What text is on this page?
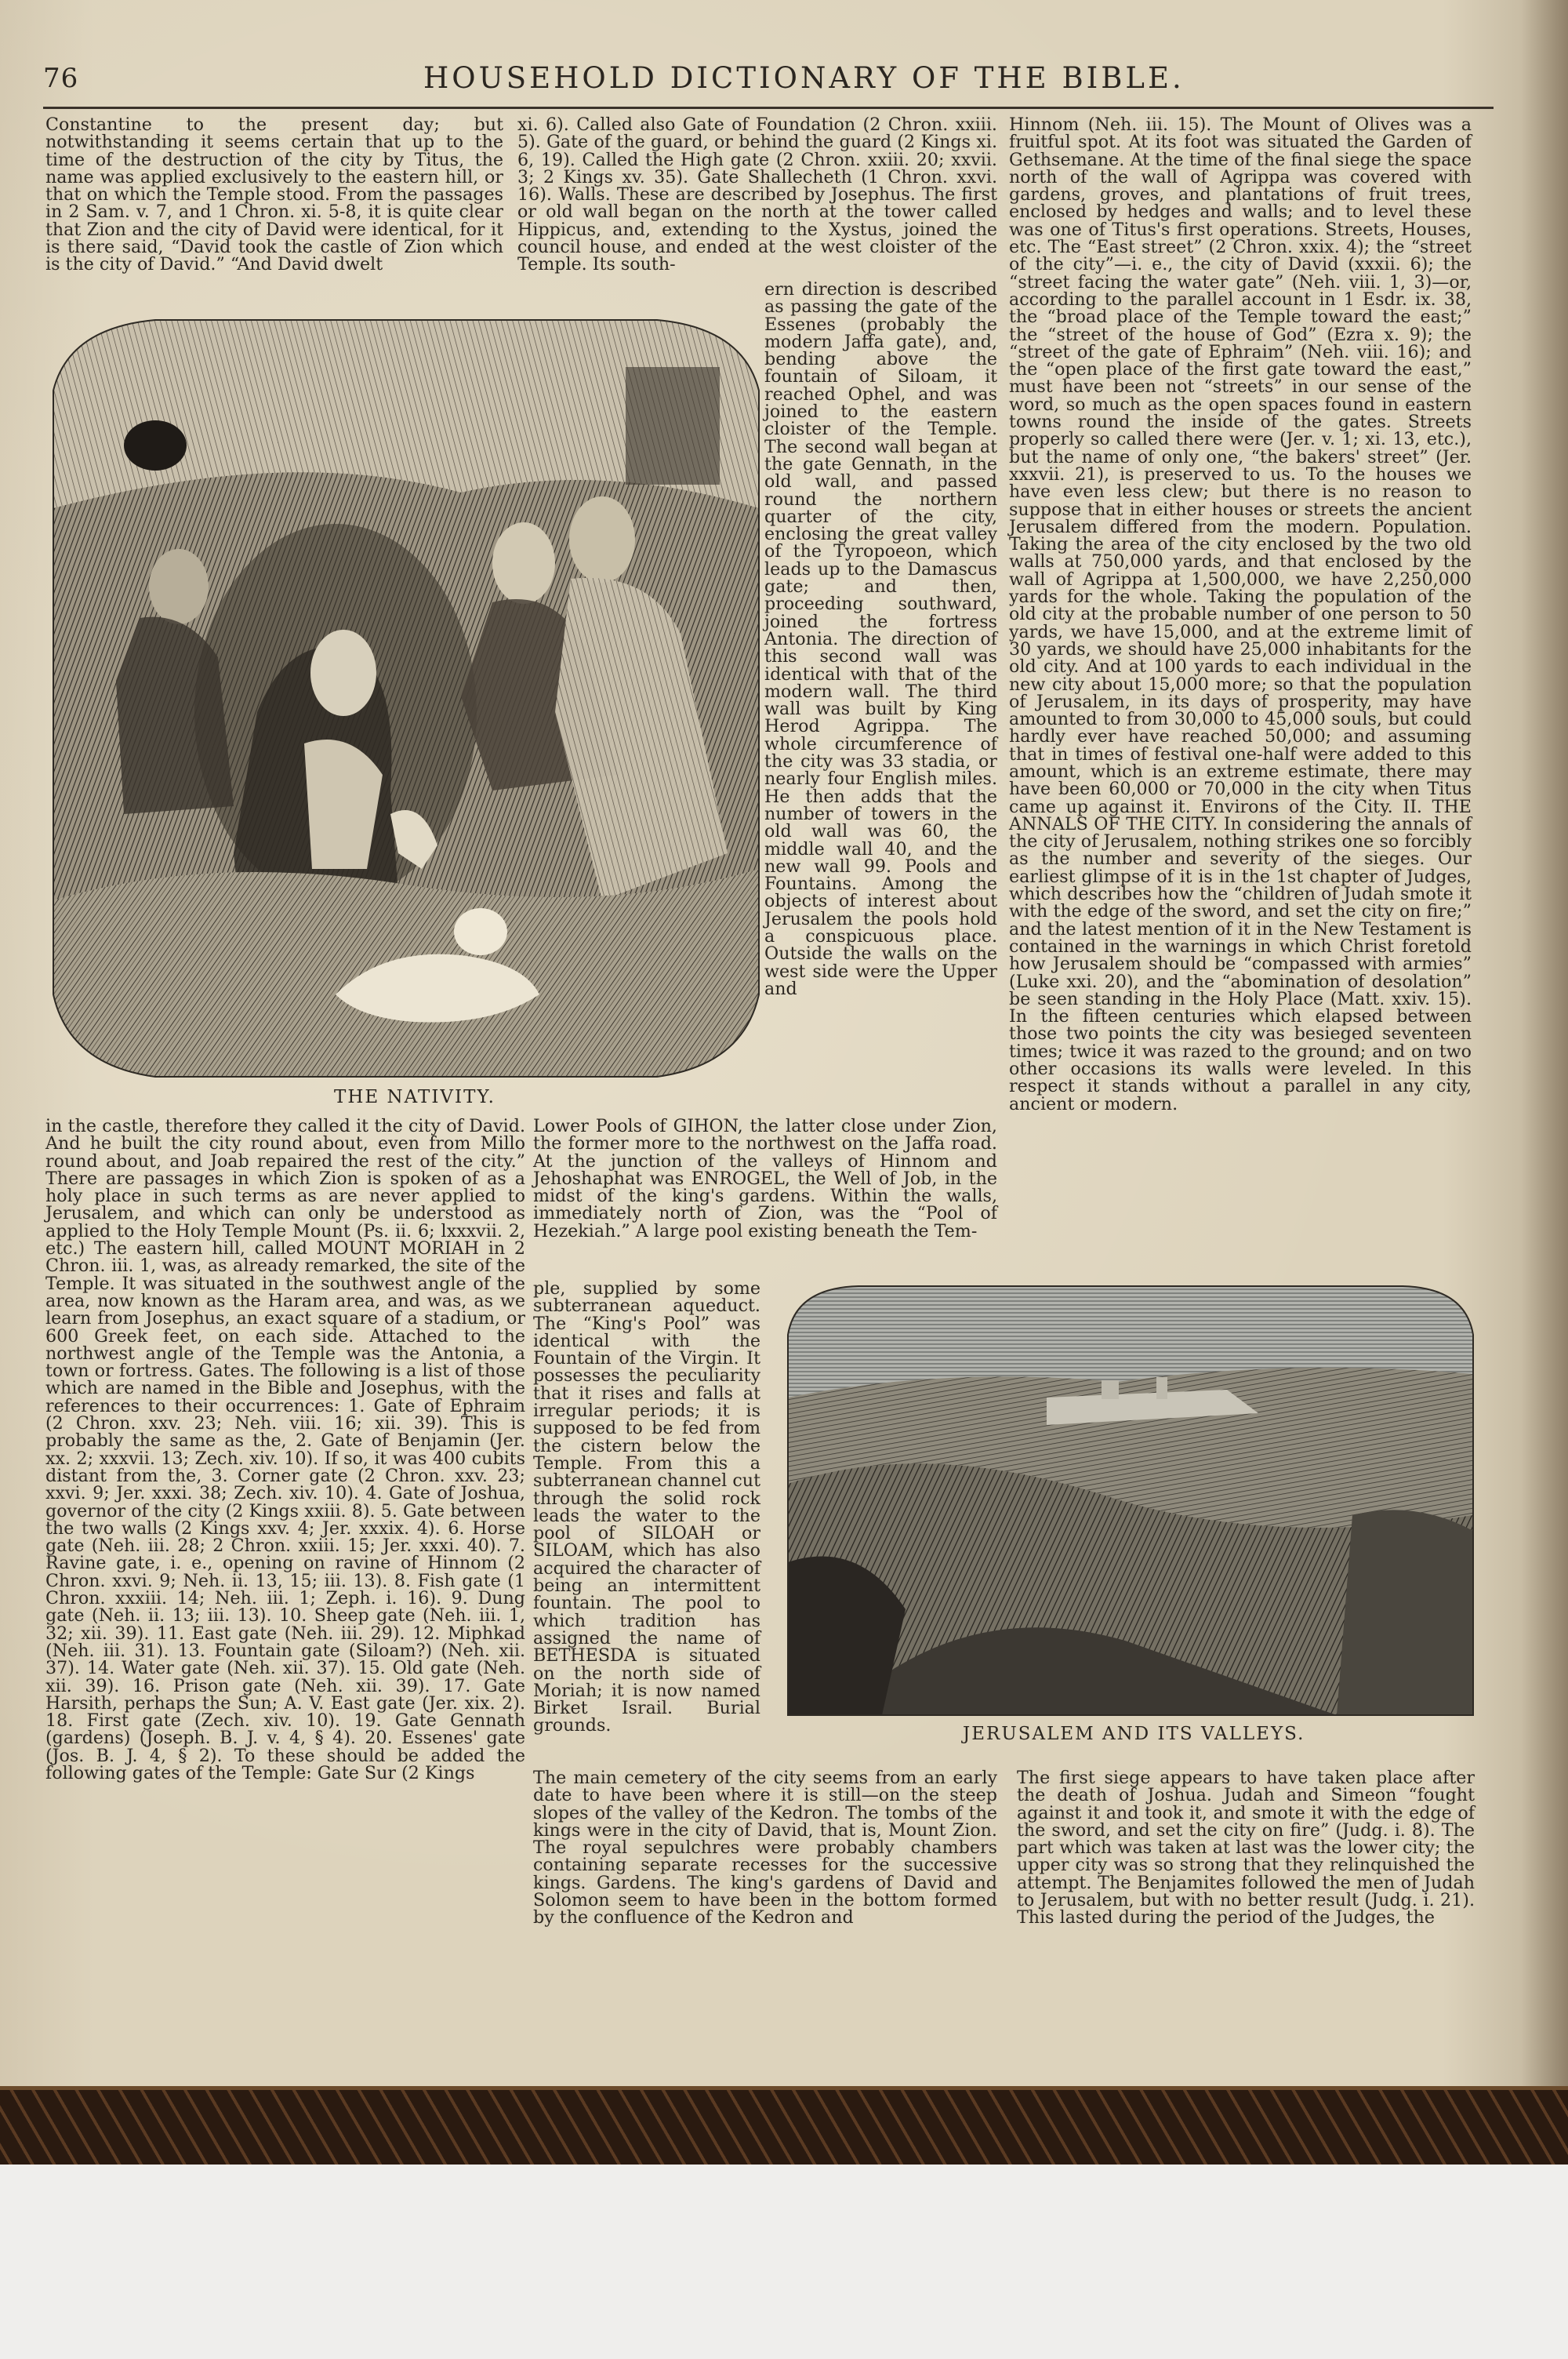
76	HOUSEHOLD DICTIONARY OF THE BIBLE.
Constantine to the present day; but notwithstanding it seems certain that up to the time of the destruction of the city by Titus, the name was applied exclusively to the eastern hill, or that on which the Temple stood. From the passages in 2 Sam. v. 7, and 1 Chron. xi. 5-8, it is quite clear that Zion and the city of David were identical, for it is there said, “David took the castle of Zion which is the city of David.” “And David dwelt
xi. 6). Called also Gate of Foundation (2 Chron. xxiii. 5). Gate of the guard, or behind the guard (2 Kings xi. 6, 19). Called the High gate (2 Chron. xxiii. 20; xxvii. 3; 2 Kings xv. 35). Gate Shallecheth (1 Chron. xxvi. 16). Walls. These are described by Josephus. The first or old wall began on the north at the tower called Hippicus, and, extending to the Xystus, joined the council house, and ended at the west cloister of the Temple. Its south-
ern direction is described as passing the gate of the Essenes (probably the modern Jaffa gate), and, bending above the fountain of Siloam, it reached Ophel, and was joined to the eastern cloister of the Temple. The second wall began at the gate Gennath, in the old wall, and passed round the northern quarter of the city, enclosing the great valley of the Tyropoeon, which leads up to the Damascus gate; and then, proceeding southward, joined the fortress Antonia. The direction of this second wall was identical with that of the modern wall. The third wall was built by King Herod Agrippa. The whole circumference of the city was 33 stadia, or nearly four English miles. He then adds that the number of towers in the old wall was 60, the middle wall 40, and the new wall 99. Pools and Fountains. Among the objects of interest about Jerusalem the pools hold a conspicuous place. Outside the walls on the west side were the Upper and
Hinnom (Neh. iii. 15). The Mount of Olives was a fruitful spot. At its foot was situated the Garden of Gethsemane. At the time of the final siege the space north of the wall of Agrippa was covered with gardens, groves, and plantations of fruit trees, enclosed by hedges and walls; and to level these was one of Titus's first operations. Streets, Houses, etc. The “East street” (2 Chron. xxix. 4); the “street of the city”—i. e., the city of David (xxxii. 6); the “street facing the water gate” (Neh. viii. 1, 3)—or, according to the parallel account in 1 Esdr. ix. 38, the “broad place of the Temple toward the east;” the “street of the house of God” (Ezra x. 9); the “street of the gate of Ephraim” (Neh. viii. 16); and the “open place of the first gate toward the east,” must have been not “streets” in our sense of the word, so much as the open spaces found in eastern towns round the inside of the gates. Streets properly so called there were (Jer. v. 1; xi. 13, etc.), but the name of only one, “the bakers' street” (Jer. xxxvii. 21), is preserved to us. To the houses we have even less clew; but there is no reason to suppose that in either houses or streets the ancient Jerusalem differed from the modern. Population. Taking the area of the city enclosed by the two old walls at 750,000 yards, and that enclosed by the wall of Agrippa at 1,500,000, we have 2,250,000 yards for the whole. Taking the population of the old city at the probable number of one person to 50 yards, we have 15,000, and at the extreme limit of 30 yards, we should have 25,000 inhabitants for the old city. And at 100 yards to each individual in the new city about 15,000 more; so that the population of Jerusalem, in its days of prosperity, may have amounted to from 30,000 to 45,000 souls, but could hardly ever have reached 50,000; and assuming that in times of festival one-half were added to this amount, which is an extreme estimate, there may have been 60,000 or 70,000 in the city when Titus came up against it. Environs of the City. II. THE ANNALS OF THE CITY. In considering the annals of the city of Jerusalem, nothing strikes one so forcibly as the number and severity of the sieges. Our earliest glimpse of it is in the 1st chapter of Judges, which describes how the “children of Judah smote it with the edge of the sword, and set the city on fire;” and the latest mention of it in the New Testament is contained in the warnings in which Christ foretold how Jerusalem should be “compassed with armies” (Luke xxi. 20), and the “abomination of desolation” be seen standing in the Holy Place (Matt. xxiv. 15). In the fifteen centuries which elapsed between those two points the city was besieged seventeen times; twice it was razed to the ground; and on two other occasions its walls were leveled. In this respect it stands without a parallel in any city, ancient or modern.
THE NATIVITY.
in the castle, therefore they called it the city of David. And he built the city round about, even from Millo round about, and Joab repaired the rest of the city.” There are passages in which Zion is spoken of as a holy place in such terms as are never applied to Jerusalem, and which can only be understood as applied to the Holy Temple Mount (Ps. ii. 6; lxxxvii. 2, etc.) The eastern hill, called MOUNT MORIAH in 2 Chron. iii. 1, was, as already remarked, the site of the Temple. It was situated in the southwest angle of the area, now known as the Haram area, and was, as we learn from Josephus, an exact square of a stadium, or 600 Greek feet, on each side. Attached to the northwest angle of the Temple was the Antonia, a town or fortress. Gates. The following is a list of those which are named in the Bible and Josephus, with the references to their occurrences: 1. Gate of Ephraim (2 Chron. xxv. 23; Neh. viii. 16; xii. 39). This is probably the same as the, 2. Gate of Benjamin (Jer. xx. 2; xxxvii. 13; Zech. xiv. 10). If so, it was 400 cubits distant from the, 3. Corner gate (2 Chron. xxv. 23; xxvi. 9; Jer. xxxi. 38; Zech. xiv. 10). 4. Gate of Joshua, governor of the city (2 Kings xxiii. 8). 5. Gate between the two walls (2 Kings xxv. 4; Jer. xxxix. 4). 6. Horse gate (Neh. iii. 28; 2 Chron. xxiii. 15; Jer. xxxi. 40). 7. Ravine gate, i. e., opening on ravine of Hinnom (2 Chron. xxvi. 9; Neh. ii. 13, 15; iii. 13). 8. Fish gate (1 Chron. xxxiii. 14; Neh. iii. 1; Zeph. i. 16). 9. Dung gate (Neh. ii. 13; iii. 13). 10. Sheep gate (Neh. iii. 1, 32; xii. 39). 11. East gate (Neh. iii. 29). 12. Miphkad (Neh. iii. 31). 13. Fountain gate (Siloam?) (Neh. xii. 37). 14. Water gate (Neh. xii. 37). 15. Old gate (Neh. xii. 39). 16. Prison gate (Neh. xii. 39). 17. Gate Harsith, perhaps the Sun; A. V. East gate (Jer. xix. 2). 18. First gate (Zech. xiv. 10). 19. Gate Gennath (gardens) (Joseph. B. J. v. 4, § 4). 20. Essenes' gate (Jos. B. J. 4, § 2). To these should be added the following gates of the Temple: Gate Sur (2 Kings
Lower Pools of GIHON, the latter close under Zion, the former more to the northwest on the Jaffa road. At the junction of the valleys of Hinnom and Jehoshaphat was ENROGEL, the Well of Job, in the midst of the king's gardens. Within the walls, immediately north of Zion, was the “Pool of Hezekiah.” A large pool existing beneath the Tem-
ple, supplied by some subterranean aqueduct. The “King's Pool” was identical with the Fountain of the Virgin. It possesses the peculiarity that it rises and falls at irregular periods; it is supposed to be fed from the cistern below the Temple. From this a subterranean channel cut through the solid rock leads the water to the pool of SILOAH or SILOAM, which has also acquired the character of being an intermittent fountain. The pool to which tradition has assigned the name of BETHESDA is situated on the north side of Moriah; it is now named Birket Israil. Burial grounds.	JERUSALEM AND ITS VALLEYS.
The main cemetery of the city seems from an early date to have been where it is still—on the steep slopes of the valley of the Kedron. The tombs of the kings were in the city of David, that is, Mount Zion. The royal sepulchres were probably chambers containing separate recesses for the successive kings. Gardens. The king's gardens of David and Solomon seem to have been in the bottom formed by the confluence of the Kedron and
The first siege appears to have taken place after the death of Joshua. Judah and Simeon “fought against it and took it, and smote it with the edge of the sword, and set the city on fire” (Judg. i. 8). The part which was taken at last was the lower city; the upper city was so strong that they relinquished the attempt. The Benjamites followed the men of Judah to Jerusalem, but with no better result (Judg. i. 21). This lasted during the period of the Judges, the
